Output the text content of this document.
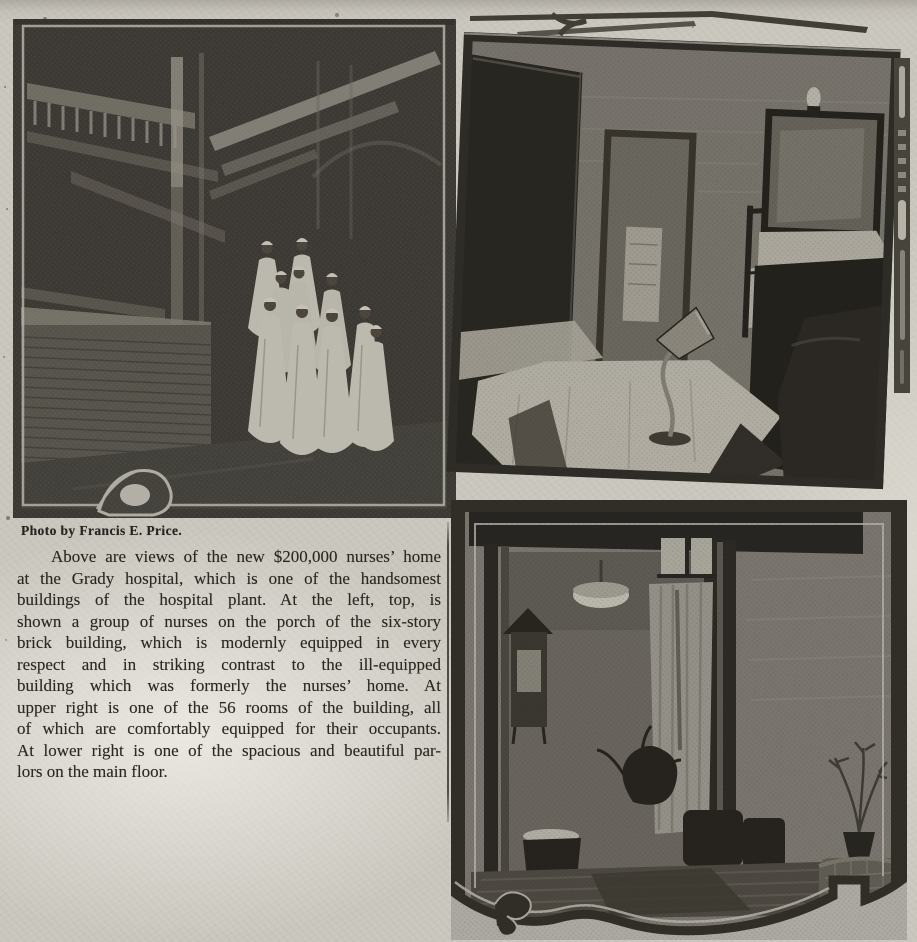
Photo by Francis E. Price.
Above are views of the new $200,000 nurses’ home
at the Grady hospital, which is one of the handsomest
buildings of the hospital plant. At the left, top, is
shown a group of nurses on the porch of the six-story
brick building, which is modernly equipped in every
respect and in striking contrast to the ill-equipped
building which was formerly the nurses’ home. At
upper right is one of the 56 rooms of the building, all
of which are comfortably equipped for their occupants.
At lower right is one of the spacious and beautiful par-
lors on the main floor.
